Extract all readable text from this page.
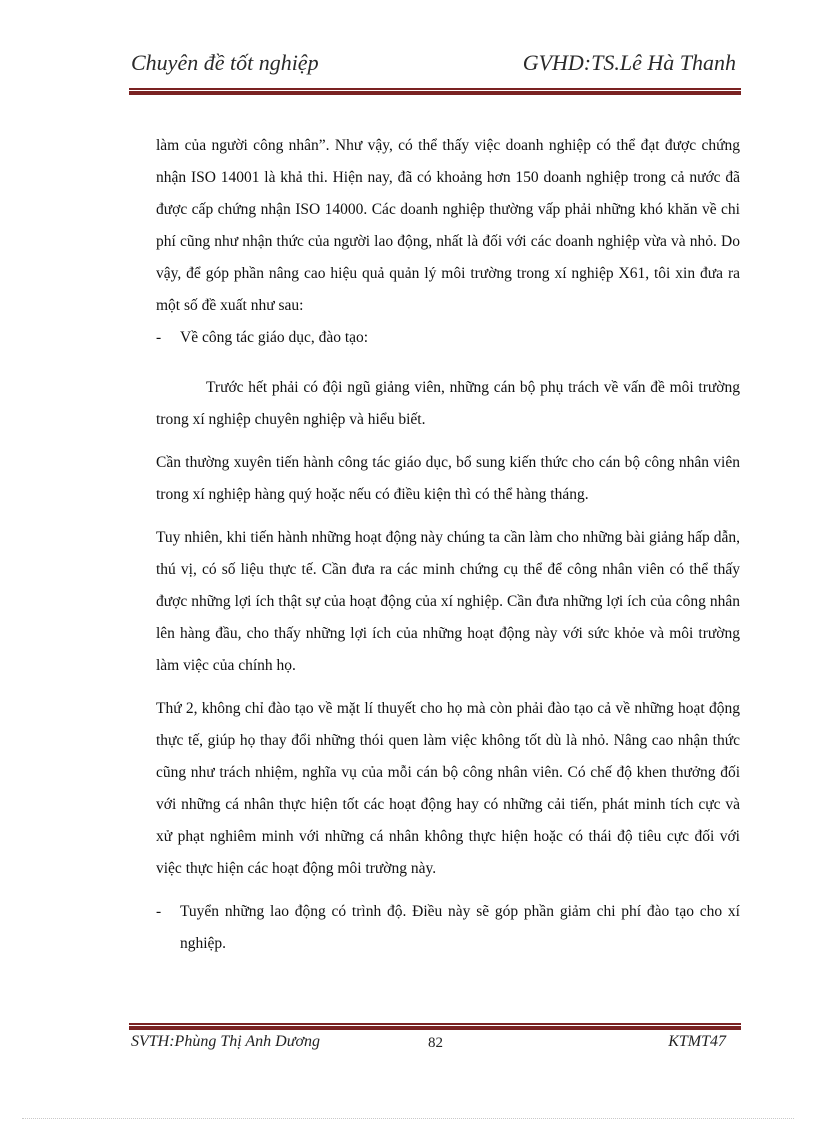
Chuyên đề tốt nghiệp	GVHD:TS.Lê Hà Thanh

làm của người công nhân”. Như vậy, có thể thấy việc doanh nghiệp có thể đạt được chứng nhận ISO 14001 là khả thi. Hiện nay, đã có khoảng hơn 150 doanh nghiệp trong cả nước đã được cấp chứng nhận ISO 14000. Các doanh nghiệp thường vấp phải những khó khăn về chi phí cũng như nhận thức của người lao động, nhất là đối với các doanh nghiệp vừa và nhỏ. Do vậy, để góp phần nâng cao hiệu quả quản lý môi trường trong xí nghiệp X61, tôi xin đưa ra một số đề xuất như sau:

-	Về công tác giáo dục, đào tạo:

Trước hết phải có đội ngũ giảng viên, những cán bộ phụ trách về vấn đề môi trường trong xí nghiệp chuyên nghiệp và hiểu biết.

Cần thường xuyên tiến hành công tác giáo dục, bổ sung kiến thức cho cán bộ công nhân viên trong xí nghiệp hàng quý hoặc nếu có điều kiện thì có thể hàng tháng.

Tuy nhiên, khi tiến hành những hoạt động này chúng ta cần làm cho những bài giảng hấp dẫn, thú vị, có số liệu thực tế. Cần đưa ra các minh chứng cụ thể để công nhân viên có thể thấy được những lợi ích thật sự của hoạt động của xí nghiệp. Cần đưa những lợi ích của công nhân lên hàng đầu, cho thấy những lợi ích của những hoạt động này với sức khỏe và môi trường làm việc của chính họ.

Thứ 2, không chỉ đào tạo về mặt lí thuyết cho họ mà còn phải đào tạo cả về những hoạt động thực tế, giúp họ thay đổi những thói quen làm việc không tốt dù là nhỏ. Nâng cao nhận thức cũng như trách nhiệm, nghĩa vụ của mỗi cán bộ công nhân viên. Có chế độ khen thưởng đối với những cá nhân thực hiện tốt các hoạt động hay có những cải tiến, phát minh tích cực và xử phạt nghiêm minh với những cá nhân không thực hiện hoặc có thái độ tiêu cực đối với việc thực hiện các hoạt động môi trường này.

-	Tuyển những lao động có trình độ. Điều này sẽ góp phần giảm chi phí đào tạo cho xí nghiệp.
SVTH:Phùng Thị Anh Dương	82	KTMT47
